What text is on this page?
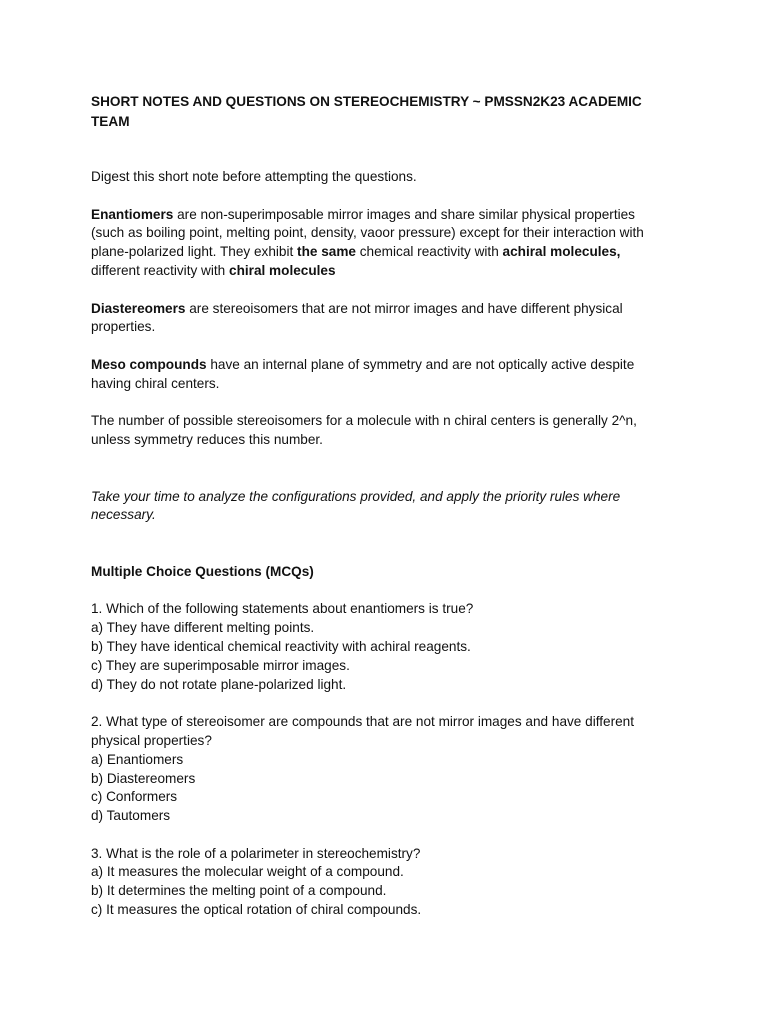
SHORT NOTES AND QUESTIONS ON STEREOCHEMISTRY ~ PMSSN2K23 ACADEMIC TEAM

Digest this short note before attempting the questions.

Enantiomers are non-superimposable mirror images and share similar physical properties (such as boiling point, melting point, density, vaoor pressure) except for their interaction with plane-polarized light. They exhibit the same chemical reactivity with achiral molecules, different reactivity with chiral molecules

Diastereomers are stereoisomers that are not mirror images and have different physical properties.

Meso compounds have an internal plane of symmetry and are not optically active despite having chiral centers.

The number of possible stereoisomers for a molecule with n chiral centers is generally 2^n, unless symmetry reduces this number.

Take your time to analyze the configurations provided, and apply the priority rules where necessary.

Multiple Choice Questions (MCQs)

1. Which of the following statements about enantiomers is true?

a) They have different melting points.

b) They have identical chemical reactivity with achiral reagents.

c) They are superimposable mirror images.

d) They do not rotate plane-polarized light.

2. What type of stereoisomer are compounds that are not mirror images and have different physical properties?

a) Enantiomers

b) Diastereomers

c) Conformers

d) Tautomers

3. What is the role of a polarimeter in stereochemistry?

a) It measures the molecular weight of a compound.

b) It determines the melting point of a compound.

c) It measures the optical rotation of chiral compounds.
